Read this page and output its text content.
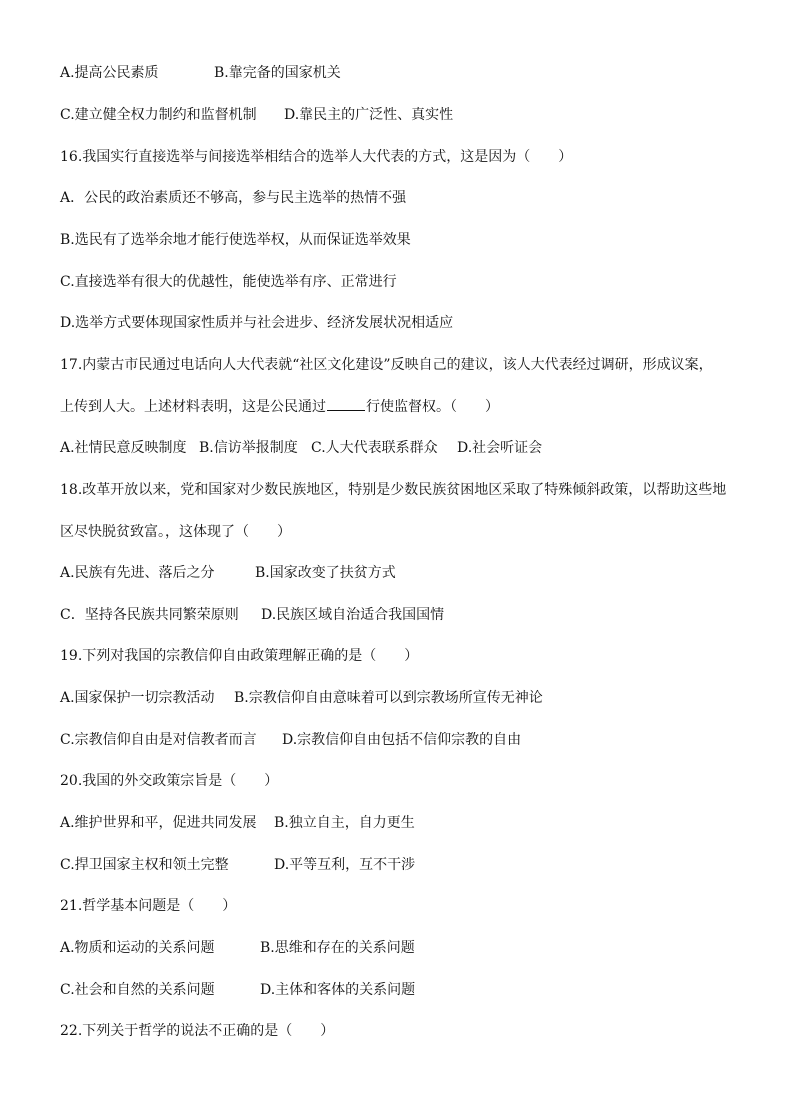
A.提高公民素质	B.靠完备的国家机关
C.建立健全权力制约和监督机制 D.靠民主的广泛性、真实性
16.我国实行直接选举与间接选举相结合的选举人大代表的方式，这是因为（　　）
A．公民的政治素质还不够高，参与民主选举的热情不强
B.选民有了选举余地才能行使选举权，从而保证选举效果
C.直接选举有很大的优越性，能使选举有序、正常进行
D.选举方式要体现国家性质并与社会进步、经济发展状况相适应
17.内蒙古市民通过电话向人大代表就“社区文化建设”反映自己的建议，该人大代表经过调研，形成议案，
上传到人大。上述材料表明，这是公民通过	行使监督权。（　　）
A.社情民意反映制度 B.信访举报制度 C.人大代表联系群众 D.社会听证会
18.改革开放以来，党和国家对少数民族地区，特别是少数民族贫困地区采取了特殊倾斜政策，以帮助这些地
区尽快脱贫致富。，这体现了（　　）
A.民族有先进、落后之分	B.国家改变了扶贫方式
C．坚持各民族共同繁荣原则 D.民族区域自治适合我国国情
19.下列对我国的宗教信仰自由政策理解正确的是（　　）
A.国家保护一切宗教活动 B.宗教信仰自由意味着可以到宗教场所宣传无神论
C.宗教信仰自由是对信教者而言 D.宗教信仰自由包括不信仰宗教的自由
20.我国的外交政策宗旨是（　　）
A.维护世界和平，促进共同发展 B.独立自主，自力更生
C.捍卫国家主权和领土完整	D.平等互利，互不干涉
21.哲学基本问题是（　　）
A.物质和运动的关系问题	B.思维和存在的关系问题
C.社会和自然的关系问题	D.主体和客体的关系问题
22.下列关于哲学的说法不正确的是（　　）
